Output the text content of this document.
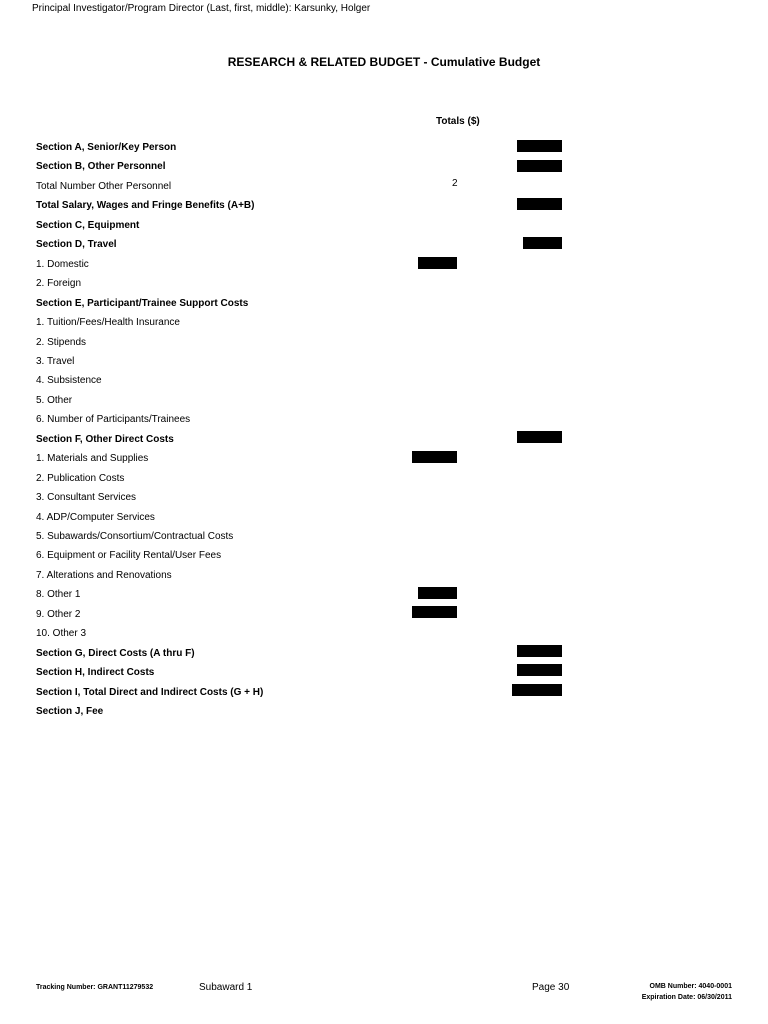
Principal Investigator/Program Director (Last, first, middle): Karsunky, Holger
RESEARCH & RELATED BUDGET - Cumulative Budget
Totals ($)
Section A, Senior/Key Person
Section B, Other Personnel
Total Number Other Personnel	2
Total Salary, Wages and Fringe Benefits (A+B)
Section C, Equipment
Section D, Travel
1. Domestic
2. Foreign
Section E, Participant/Trainee Support Costs
1. Tuition/Fees/Health Insurance
2. Stipends
3. Travel
4. Subsistence
5. Other
6. Number of Participants/Trainees
Section F, Other Direct Costs
1. Materials and Supplies
2. Publication Costs
3. Consultant Services
4. ADP/Computer Services
5. Subawards/Consortium/Contractual Costs
6. Equipment or Facility Rental/User Fees
7. Alterations and Renovations
8. Other 1
9. Other 2
10. Other 3
Section G, Direct Costs (A thru F)
Section H, Indirect Costs
Section I, Total Direct and Indirect Costs (G + H)
Section J, Fee
Tracking Number: GRANT11279532	Subaward 1	Page 30	OMB Number: 4040-0001
Expiration Date: 06/30/2011
